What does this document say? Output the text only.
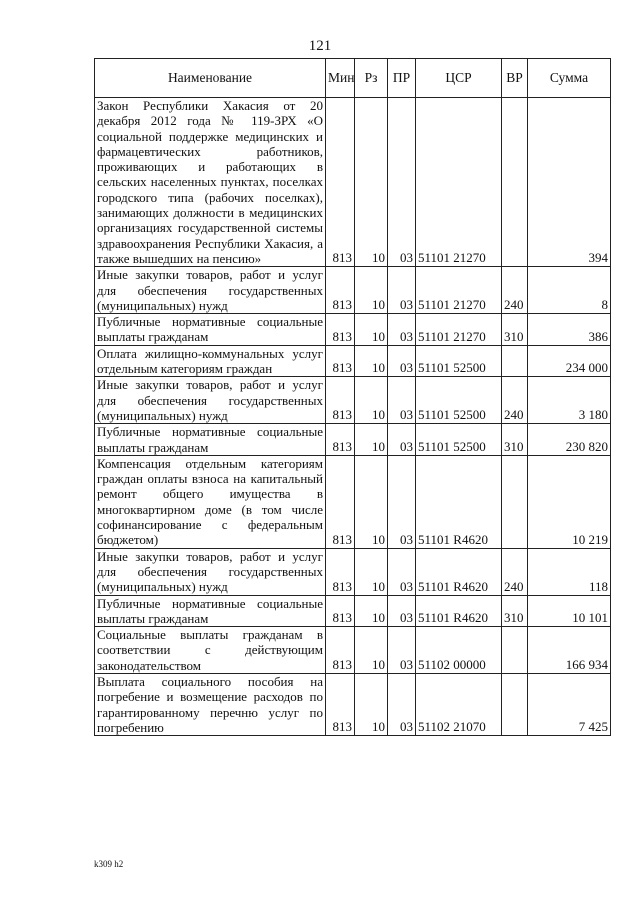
121
Наименование	Мин	Рз	ПР	ЦСР	ВР	Сумма
Закон Республики Хакасия от 20 декабря 2012 года № 119-ЗРХ «О социальной поддержке медицинских и фармацевтических работников, проживающих и работающих в сельских населенных пунктах, поселках городского типа (рабочих поселках), занимающих должности в медицинских организациях государственной системы здравоохранения Республики Хакасия, а также вышедших на пенсию»	813	10	03	51101 21270		394
Иные закупки товаров, работ и услуг для обеспечения государственных (муниципальных) нужд	813	10	03	51101 21270	240	8
Публичные нормативные социальные выплаты гражданам	813	10	03	51101 21270	310	386
Оплата жилищно-коммунальных услуг отдельным категориям граждан	813	10	03	51101 52500		234 000
Иные закупки товаров, работ и услуг для обеспечения государственных (муниципальных) нужд	813	10	03	51101 52500	240	3 180
Публичные нормативные социальные выплаты гражданам	813	10	03	51101 52500	310	230 820
Компенсация отдельным категориям граждан оплаты взноса на капитальный ремонт общего имущества в многоквартирном доме (в том числе софинансирование с федеральным бюджетом)	813	10	03	51101 R4620		10 219
Иные закупки товаров, работ и услуг для обеспечения государственных (муниципальных) нужд	813	10	03	51101 R4620	240	118
Публичные нормативные социальные выплаты гражданам	813	10	03	51101 R4620	310	10 101
Социальные выплаты гражданам в соответствии с действующим законодательством	813	10	03	51102 00000		166 934
Выплата социального пособия на погребение и возмещение расходов по гарантированному перечню услуг по погребению	813	10	03	51102 21070		7 425
k309 h2
